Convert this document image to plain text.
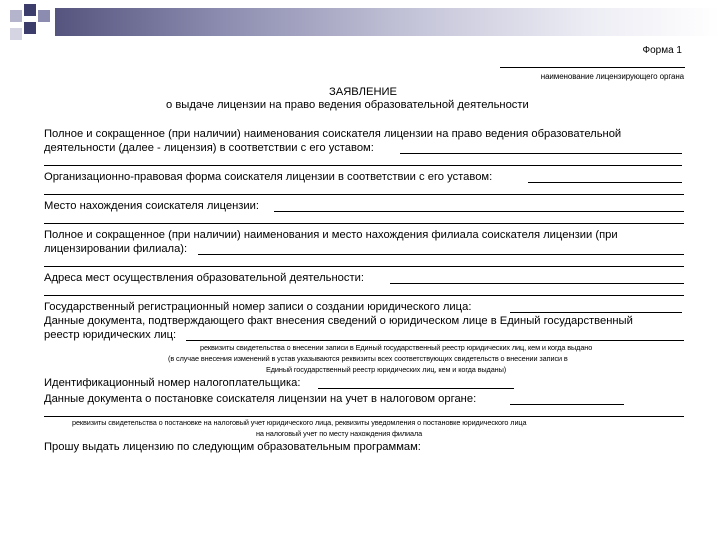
Форма 1
наименование лицензирующего органа
ЗАЯВЛЕНИЕ
о выдаче лицензии на право ведения образовательной деятельности
Полное и сокращенное (при наличии) наименования соискателя лицензии на право ведения образовательной
деятельности (далее - лицензия) в соответствии с его уставом:
Организационно-правовая форма соискателя лицензии в соответствии с его уставом:
Место нахождения соискателя лицензии:
Полное и сокращенное (при наличии) наименования и место нахождения филиала соискателя лицензии (при
лицензировании филиала):
Адреса мест осуществления образовательной деятельности:
Государственный регистрационный номер записи о создании юридического лица:
Данные документа, подтверждающего факт внесения сведений о юридическом лице в Единый государственный
реестр юридических лиц:
реквизиты свидетельства о внесении записи в Единый государственный реестр юридических лиц, кем и когда выдано
(в случае внесения изменений в устав указываются реквизиты всех соответствующих свидетельств о внесении записи в
Единый государственный реестр юридических лиц, кем и когда выданы)
Идентификационный номер налогоплательщика:
Данные документа о постановке соискателя лицензии на учет в налоговом органе:
реквизиты свидетельства о постановке на налоговый учет юридического лица, реквизиты уведомления о постановке юридического лица
на налоговый учет по месту нахождения филиала
Прошу выдать лицензию по следующим образовательным программам:
